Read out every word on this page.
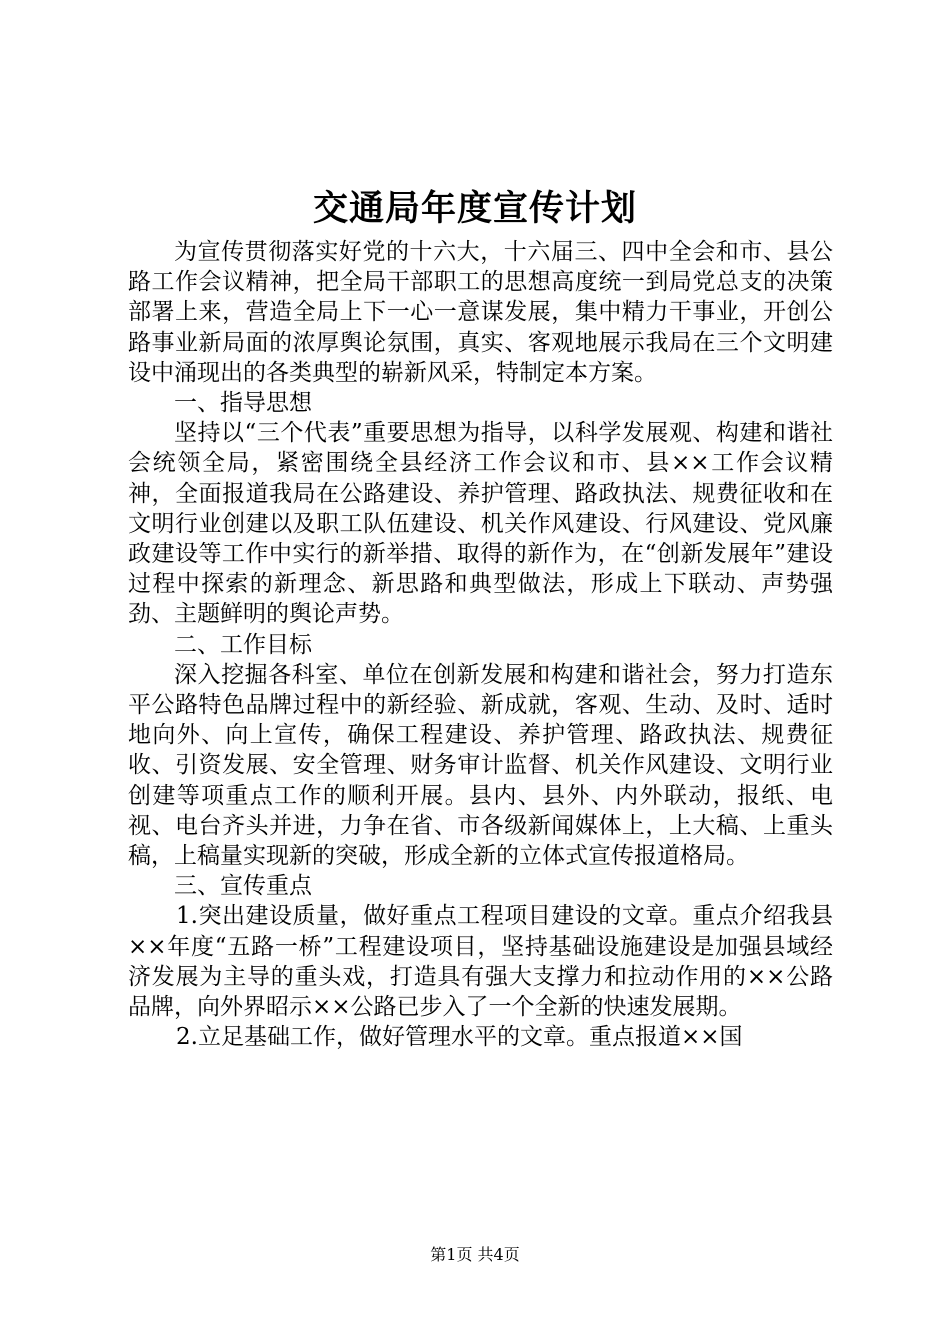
交通局年度宣传计划

为宣传贯彻落实好党的十六大，十六届三、四中全会和市、县公路工作会议精神，把全局干部职工的思想高度统一到局党总支的决策部署上来，营造全局上下一心一意谋发展，集中精力干事业，开创公路事业新局面的浓厚舆论氛围，真实、客观地展示我局在三个文明建设中涌现出的各类典型的崭新风采，特制定本方案。

一、指导思想

坚持以“三个代表”重要思想为指导，以科学发展观、构建和谐社会统领全局，紧密围绕全县经济工作会议和市、县××工作会议精神，全面报道我局在公路建设、养护管理、路政执法、规费征收和在文明行业创建以及职工队伍建设、机关作风建设、行风建设、党风廉政建设等工作中实行的新举措、取得的新作为，在“创新发展年”建设过程中探索的新理念、新思路和典型做法，形成上下联动、声势强劲、主题鲜明的舆论声势。

二、工作目标

深入挖掘各科室、单位在创新发展和构建和谐社会，努力打造东平公路特色品牌过程中的新经验、新成就，客观、生动、及时、适时地向外、向上宣传，确保工程建设、养护管理、路政执法、规费征收、引资发展、安全管理、财务审计监督、机关作风建设、文明行业创建等项重点工作的顺利开展。县内、县外、内外联动，报纸、电视、电台齐头并进，力争在省、市各级新闻媒体上，上大稿、上重头稿，上稿量实现新的突破，形成全新的立体式宣传报道格局。

三、宣传重点

1.突出建设质量，做好重点工程项目建设的文章。重点介绍我县××年度“五路一桥”工程建设项目，坚持基础设施建设是加强县域经济发展为主导的重头戏，打造具有强大支撑力和拉动作用的××公路品牌，向外界昭示××公路已步入了一个全新的快速发展期。

2.立足基础工作，做好管理水平的文章。重点报道××国

第1页 共4页
